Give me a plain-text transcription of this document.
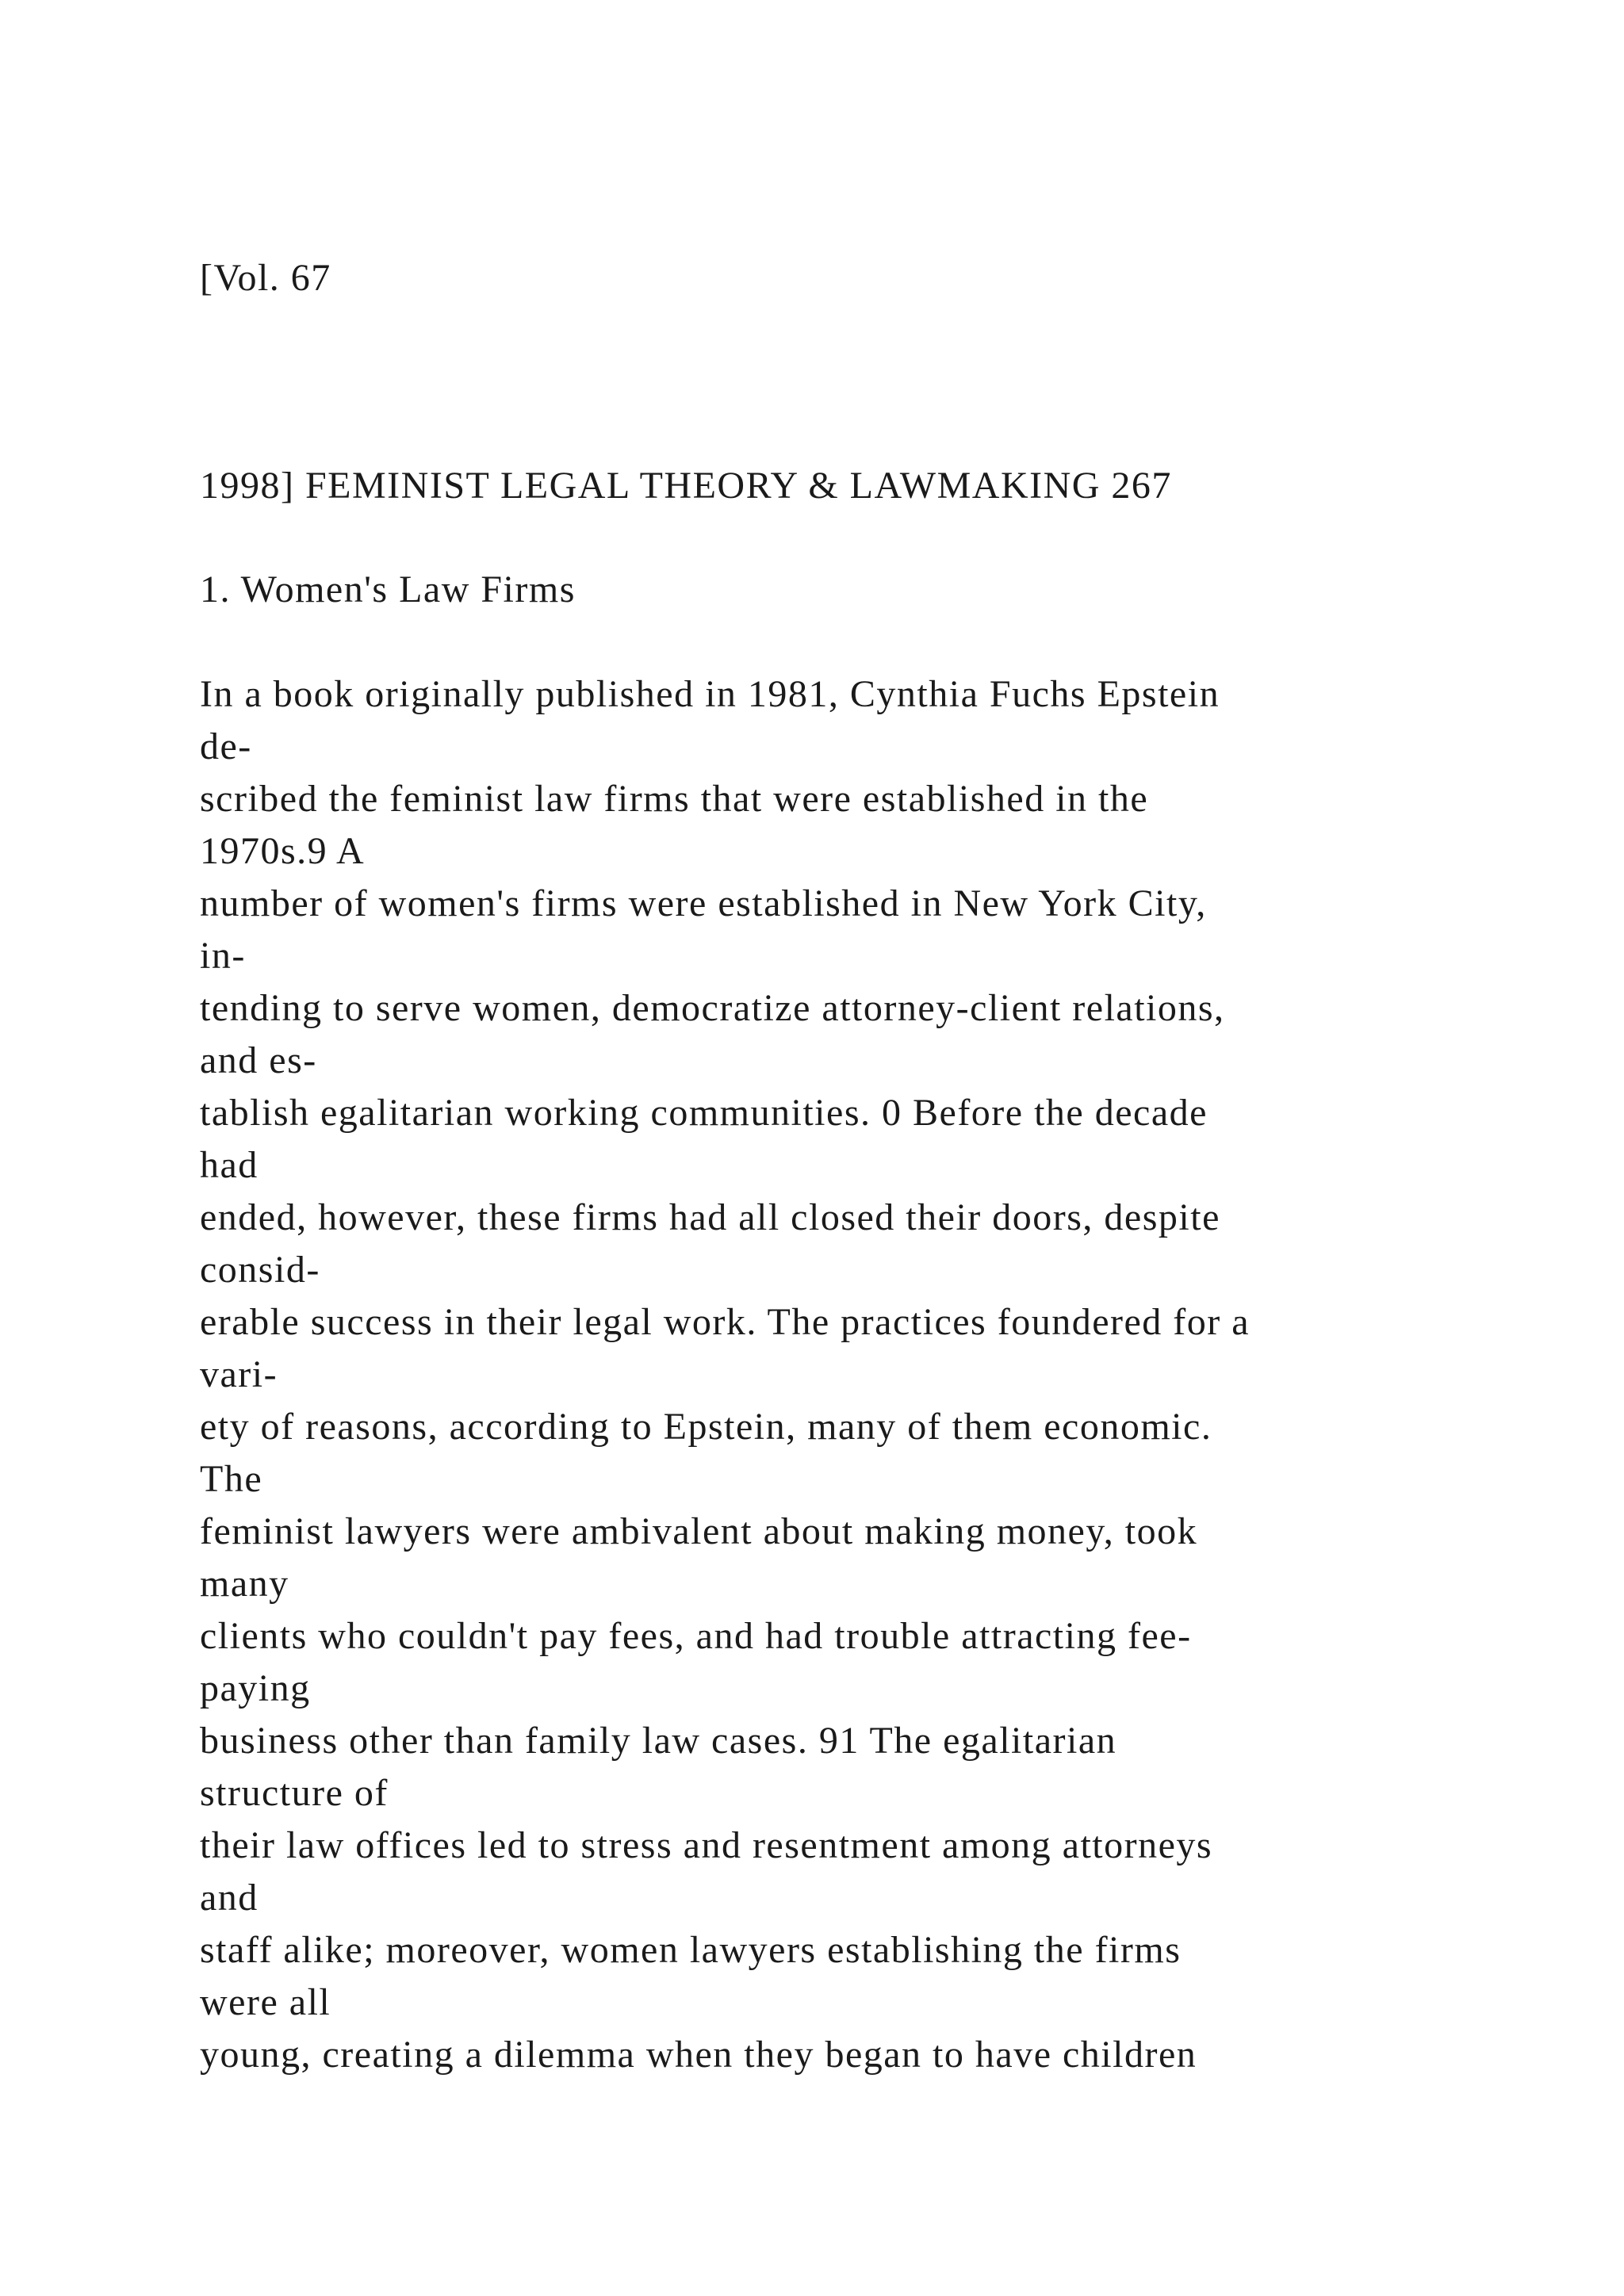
[Vol. 67
1998] FEMINIST LEGAL THEORY & LAWMAKING 267
1. Women's Law Firms
In a book originally published in 1981, Cynthia Fuchs Epstein
de-
scribed the feminist law firms that were established in the
1970s.9 A
number of women's firms were established in New York City,
in-
tending to serve women, democratize attorney-client relations,
and es-
tablish egalitarian working communities. 0 Before the decade
had
ended, however, these firms had all closed their doors, despite
consid-
erable success in their legal work. The practices foundered for a
vari-
ety of reasons, according to Epstein, many of them economic.
The
feminist lawyers were ambivalent about making money, took
many
clients who couldn't pay fees, and had trouble attracting fee-
paying
business other than family law cases. 91 The egalitarian
structure of
their law offices led to stress and resentment among attorneys
and
staff alike; moreover, women lawyers establishing the firms
were all
young, creating a dilemma when they began to have children
